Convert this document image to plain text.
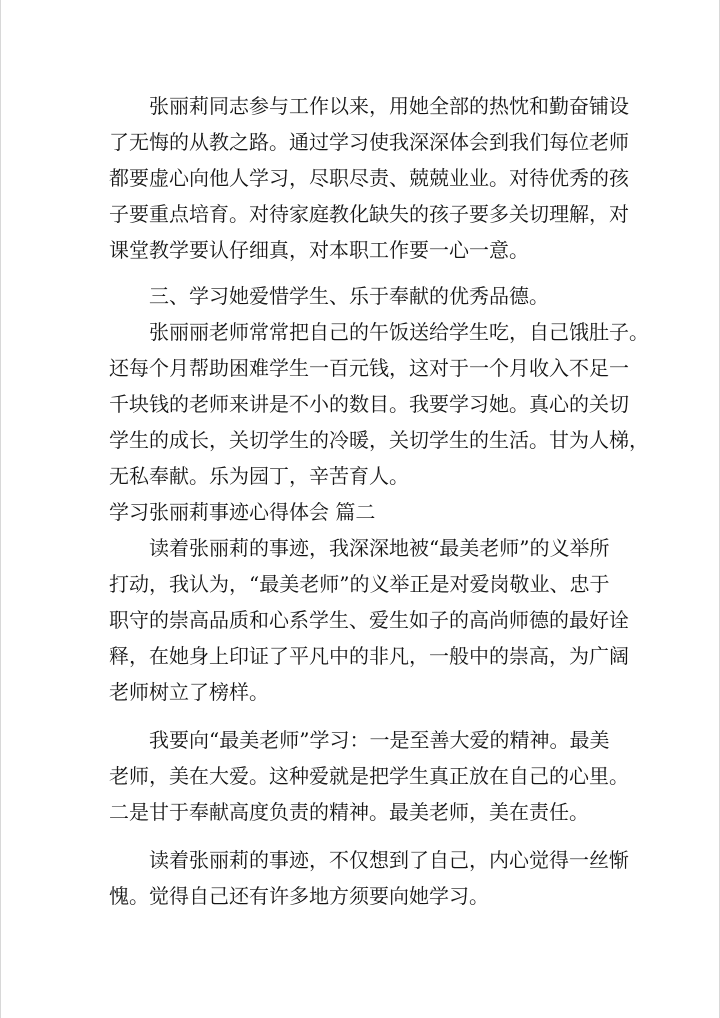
张丽莉同志参与工作以来，用她全部的热忱和勤奋铺设
了无悔的从教之路。通过学习使我深深体会到我们每位老师
都要虚心向他人学习，尽职尽责、兢兢业业。对待优秀的孩
子要重点培育。对待家庭教化缺失的孩子要多关切理解，对
课堂教学要认仔细真，对本职工作要一心一意。
三、学习她爱惜学生、乐于奉献的优秀品德。
张丽丽老师常常把自己的午饭送给学生吃，自己饿肚子。
还每个月帮助困难学生一百元钱，这对于一个月收入不足一
千块钱的老师来讲是不小的数目。我要学习她。真心的关切
学生的成长，关切学生的冷暖，关切学生的生活。甘为人梯，
无私奉献。乐为园丁，辛苦育人。
学习张丽莉事迹心得体会 篇二
读着张丽莉的事迹，我深深地被“最美老师”的义举所
打动，我认为，“最美老师”的义举正是对爱岗敬业、忠于
职守的崇高品质和心系学生、爱生如子的高尚师德的最好诠
释，在她身上印证了平凡中的非凡，一般中的崇高，为广阔
老师树立了榜样。
我要向“最美老师”学习：一是至善大爱的精神。最美
老师，美在大爱。这种爱就是把学生真正放在自己的心里。
二是甘于奉献高度负责的精神。最美老师，美在责任。
读着张丽莉的事迹，不仅想到了自己，内心觉得一丝惭
愧。觉得自己还有许多地方须要向她学习。
